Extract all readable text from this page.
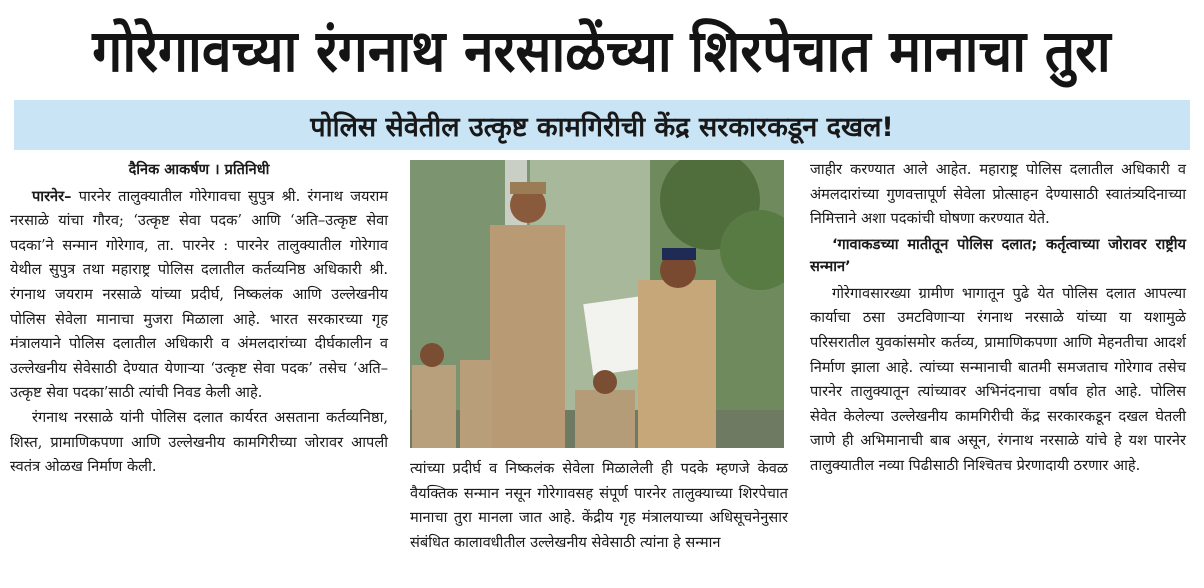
गोरेगावच्या रंगनाथ नरसाळेंच्या शिरपेचात मानाचा तुरा
पोलिस सेवेतील उत्कृष्ट कामगिरीची केंद्र सरकारकडून दखल!

दैनिक आकर्षण । प्रतिनिधी

पारनेर– पारनेर तालुक्यातील गोरेगावचा सुपुत्र श्री. रंगनाथ जयराम नरसाळे यांचा गौरव; ‘उत्कृष्ट सेवा पदक’ आणि ‘अति–उत्कृष्ट सेवा पदका’ने सन्मान गोरेगाव, ता. पारनेर : पारनेर तालुक्यातील गोरेगाव येथील सुपुत्र तथा महाराष्ट्र पोलिस दलातील कर्तव्यनिष्ठ अधिकारी श्री. रंगनाथ जयराम नरसाळे यांच्या प्रदीर्घ, निष्कलंक आणि उल्लेखनीय पोलिस सेवेला मानाचा मुजरा मिळाला आहे. भारत सरकारच्या गृह मंत्रालयाने पोलिस दलातील अधिकारी व अंमलदारांच्या दीर्घकालीन व उल्लेखनीय सेवेसाठी देण्यात येणाऱ्या ‘उत्कृष्ट सेवा पदक’ तसेच ‘अति–उत्कृष्ट सेवा पदका’साठी त्यांची निवड केली आहे.

रंगनाथ नरसाळे यांनी पोलिस दलात कार्यरत असताना कर्तव्यनिष्ठा, शिस्त, प्रामाणिकपणा आणि उल्लेखनीय कामगिरीच्या जोरावर आपली स्वतंत्र ओळख निर्माण केली.	त्यांच्या प्रदीर्घ व निष्कलंक सेवेला मिळालेली ही पदके म्हणजे केवळ वैयक्तिक सन्मान नसून गोरेगावसह संपूर्ण पारनेर तालुक्याच्या शिरपेचात मानाचा तुरा मानला जात आहे. केंद्रीय गृह मंत्रालयाच्या अधिसूचनेनुसार संबंधित कालावधीतील उल्लेखनीय सेवेसाठी त्यांना हे सन्मान

जाहीर करण्यात आले आहेत. महाराष्ट्र पोलिस दलातील अधिकारी व अंमलदारांच्या गुणवत्तापूर्ण सेवेला प्रोत्साहन देण्यासाठी स्वातंत्र्यदिनाच्या निमित्ताने अशा पदकांची घोषणा करण्यात येते.

‘गावाकडच्या मातीतून पोलिस दलात; कर्तृत्वाच्या जोरावर राष्ट्रीय सन्मान’

गोरेगावसारख्या ग्रामीण भागातून पुढे येत पोलिस दलात आपल्या कार्याचा ठसा उमटविणाऱ्या रंगनाथ नरसाळे यांच्या या यशामुळे परिसरातील युवकांसमोर कर्तव्य, प्रामाणिकपणा आणि मेहनतीचा आदर्श निर्माण झाला आहे. त्यांच्या सन्मानाची बातमी समजताच गोरेगाव तसेच पारनेर तालुक्यातून त्यांच्यावर अभिनंदनाचा वर्षाव होत आहे. पोलिस सेवेत केलेल्या उल्लेखनीय कामगिरीची केंद्र सरकारकडून दखल घेतली जाणे ही अभिमानाची बाब असून, रंगनाथ नरसाळे यांचे हे यश पारनेर तालुक्यातील नव्या पिढीसाठी निश्चितच प्रेरणादायी ठरणार आहे.
